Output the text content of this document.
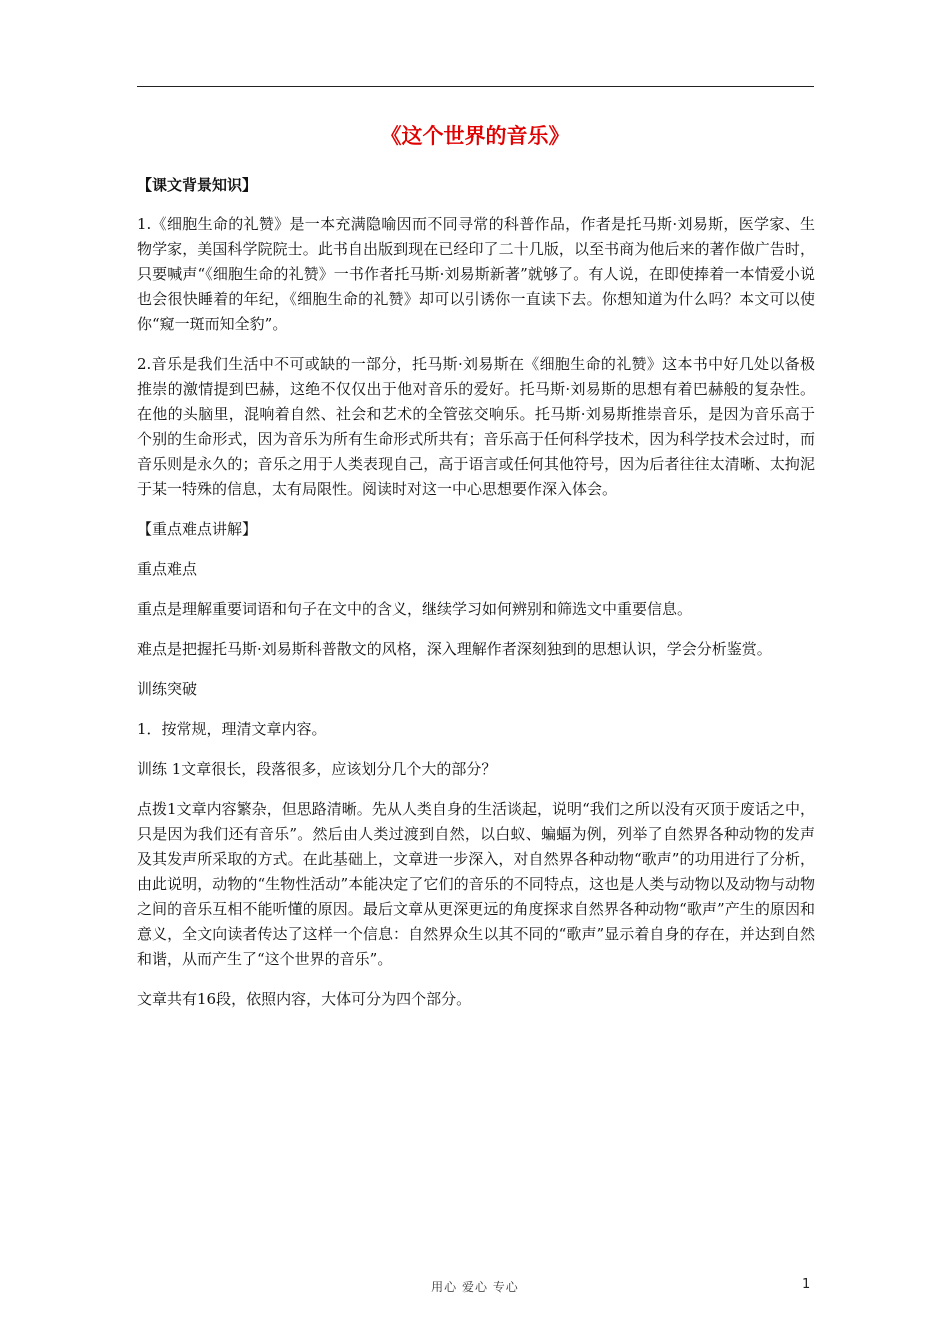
《这个世界的音乐》
【课文背景知识】

1.《细胞生命的礼赞》是一本充满隐喻因而不同寻常的科普作品，作者是托马斯·刘易斯，医学家、生物学家，美国科学院院士。此书自出版到现在已经印了二十几版，以至书商为他后来的著作做广告时，只要喊声“《细胞生命的礼赞》一书作者托马斯·刘易斯新著”就够了。有人说，在即使捧着一本情爱小说也会很快睡着的年纪，《细胞生命的礼赞》却可以引诱你一直读下去。你想知道为什么吗？本文可以使你“窥一斑而知全豹”。

2.音乐是我们生活中不可或缺的一部分，托马斯·刘易斯在《细胞生命的礼赞》这本书中好几处以备极推崇的激情提到巴赫，这绝不仅仅出于他对音乐的爱好。托马斯·刘易斯的思想有着巴赫般的复杂性。在他的头脑里，混响着自然、社会和艺术的全管弦交响乐。托马斯·刘易斯推崇音乐，是因为音乐高于个别的生命形式，因为音乐为所有生命形式所共有；音乐高于任何科学技术，因为科学技术会过时，而音乐则是永久的；音乐之用于人类表现自己，高于语言或任何其他符号，因为后者往往太清晰、太拘泥于某一特殊的信息，太有局限性。阅读时对这一中心思想要作深入体会。

【重点难点讲解】
重点难点

重点是理解重要词语和句子在文中的含义，继续学习如何辨别和筛选文中重要信息。

难点是把握托马斯·刘易斯科普散文的风格，深入理解作者深刻独到的思想认识，学会分析鉴赏。

训练突破

1．按常规，理清文章内容。

训练 1文章很长，段落很多，应该划分几个大的部分？

点拨1文章内容繁杂，但思路清晰。先从人类自身的生活谈起，说明“我们之所以没有灭顶于废话之中，只是因为我们还有音乐”。然后由人类过渡到自然，以白蚁、蝙蝠为例，列举了自然界各种动物的发声及其发声所采取的方式。在此基础上，文章进一步深入，对自然界各种动物“歌声”的功用进行了分析，由此说明，动物的“生物性活动”本能决定了它们的音乐的不同特点，这也是人类与动物以及动物与动物之间的音乐互相不能听懂的原因。最后文章从更深更远的角度探求自然界各种动物“歌声”产生的原因和意义，全文向读者传达了这样一个信息：自然界众生以其不同的“歌声”显示着自身的存在，并达到自然和谐，从而产生了“这个世界的音乐”。

文章共有16段，依照内容，大体可分为四个部分。

用心 爱心 专心	1
